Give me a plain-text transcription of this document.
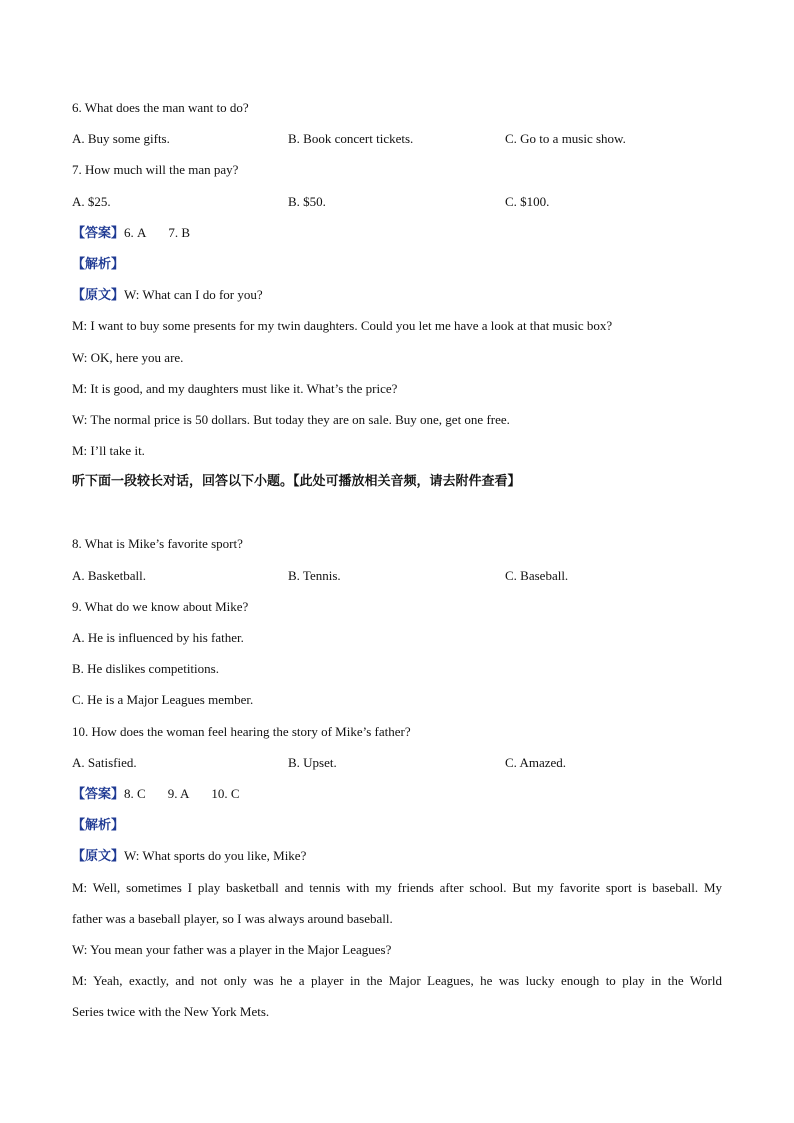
6. What does the man want to do?
A. Buy some gifts.	B. Book concert tickets.	C. Go to a music show.
7. How much will the man pay?
A. $25.	B. $50.	C. $100.
【答案】6. A 7. B
【解析】
【原文】W: What can I do for you?
M: I want to buy some presents for my twin daughters. Could you let me have a look at that music box?
W: OK, here you are.
M: It is good, and my daughters must like it. What’s the price?
W: The normal price is 50 dollars. But today they are on sale. Buy one, get one free.
M: I’ll take it.
听下面一段较长对话，回答以下小题。【此处可播放相关音频，请去附件查看】
8. What is Mike’s favorite sport?
A. Basketball.	B. Tennis.	C. Baseball.
9. What do we know about Mike?
A. He is influenced by his father.
B. He dislikes competitions.
C. He is a Major Leagues member.
10. How does the woman feel hearing the story of Mike’s father?
A. Satisfied.	B. Upset.	C. Amazed.
【答案】8. C 9. A 10. C
【解析】
【原文】W: What sports do you like, Mike?
M: Well, sometimes I play basketball and tennis with my friends after school. But my favorite sport is baseball. My
father was a baseball player, so I was always around baseball.
W: You mean your father was a player in the Major Leagues?
M: Yeah, exactly, and not only was he a player in the Major Leagues, he was lucky enough to play in the World
Series twice with the New York Mets.
